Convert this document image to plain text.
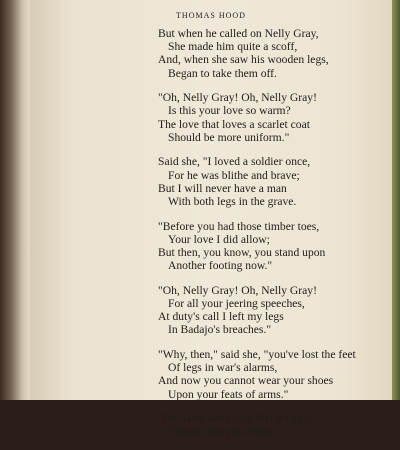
THOMAS HOOD
But when he called on Nelly Gray,
She made him quite a scoff,
And, when she saw his wooden legs,
Began to take them off.
"Oh, Nelly Gray! Oh, Nelly Gray!
Is this your love so warm?
The love that loves a scarlet coat
Should be more uniform."
Said she, "I loved a soldier once,
For he was blithe and brave;
But I will never have a man
With both legs in the grave.
"Before you had those timber toes,
Your love I did allow;
But then, you know, you stand upon
Another footing now."
"Oh, Nelly Gray! Oh, Nelly Gray!
For all your jeering speeches,
At duty's call I left my legs
In Badajo's breaches."
"Why, then," said she, "you've lost the feet
Of legs in war's alarms,
And now you cannot wear your shoes
Upon your feats of arms."
"Oh, false and fickle Nelly Gray!
I know why you refuse;
